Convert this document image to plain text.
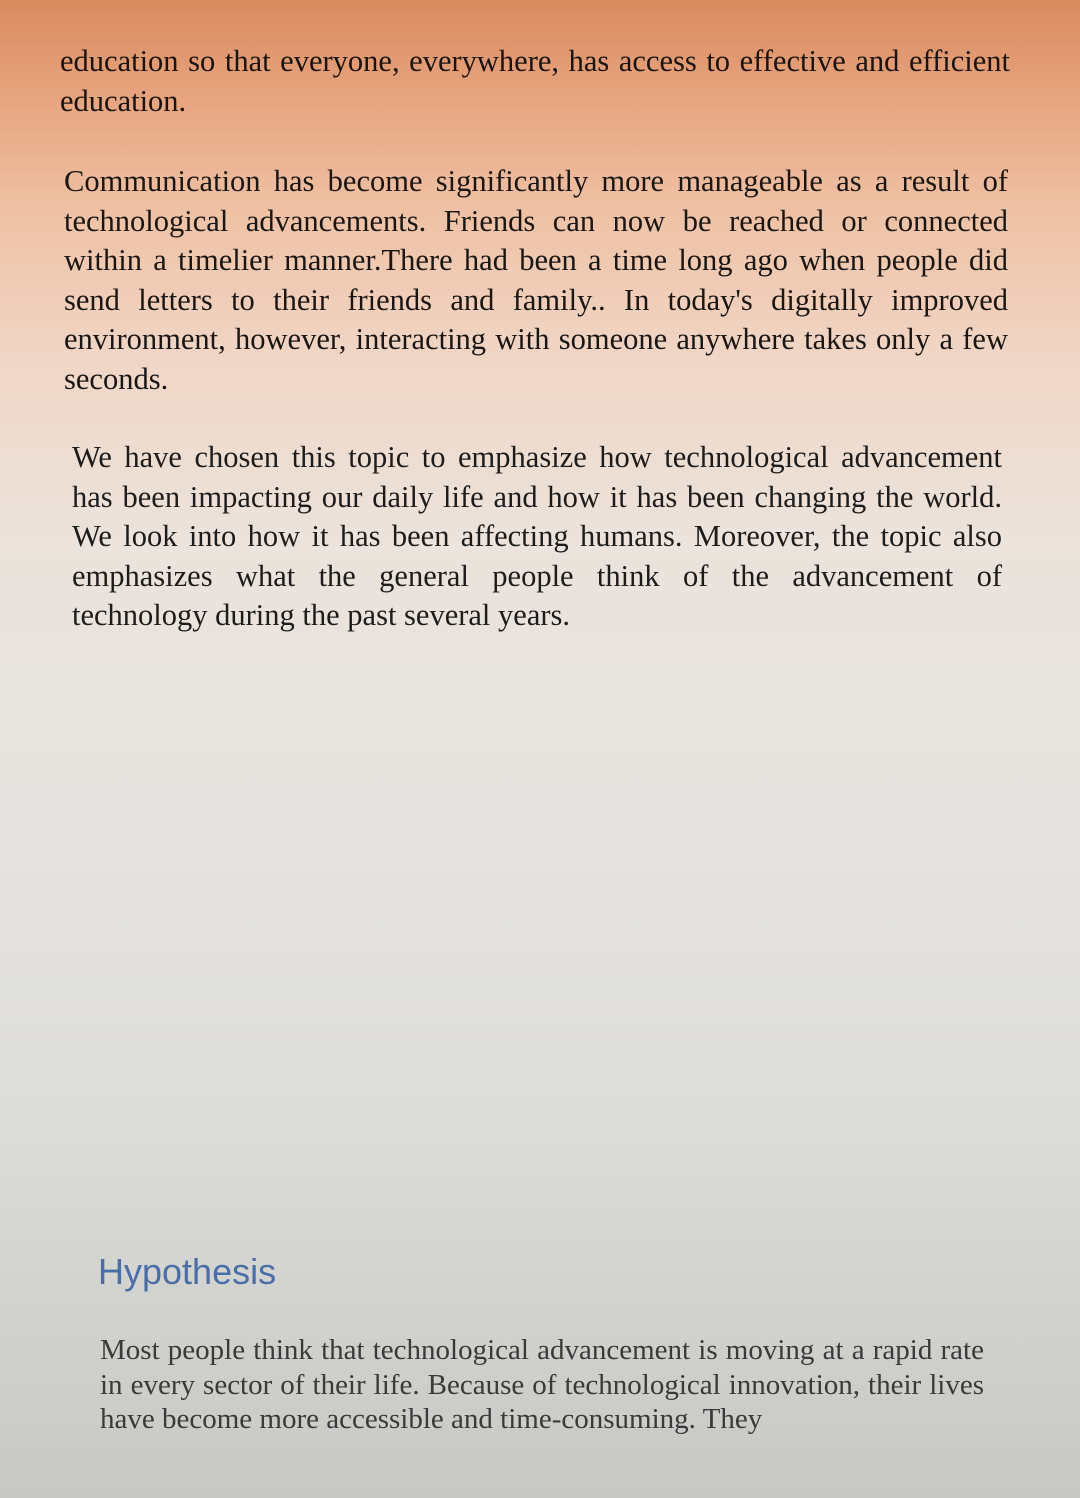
education so that everyone, everywhere, has access to effective and efficient education.

Communication has become significantly more manageable as a result of technological advancements. Friends can now be reached or connected within a timelier manner.There had been a time long ago when people did send letters to their friends and family.. In today's digitally improved environment, however, interacting with someone anywhere takes only a few seconds.

We have chosen this topic to emphasize how technological advancement has been impacting our daily life and how it has been changing the world. We look into how it has been affecting humans. Moreover, the topic also emphasizes what the general people think of the advancement of technology during the past several years.

Hypothesis

Most people think that technological advancement is moving at a rapid rate in every sector of their life. Because of technological innovation, their lives have become more accessible and time-consuming. They
